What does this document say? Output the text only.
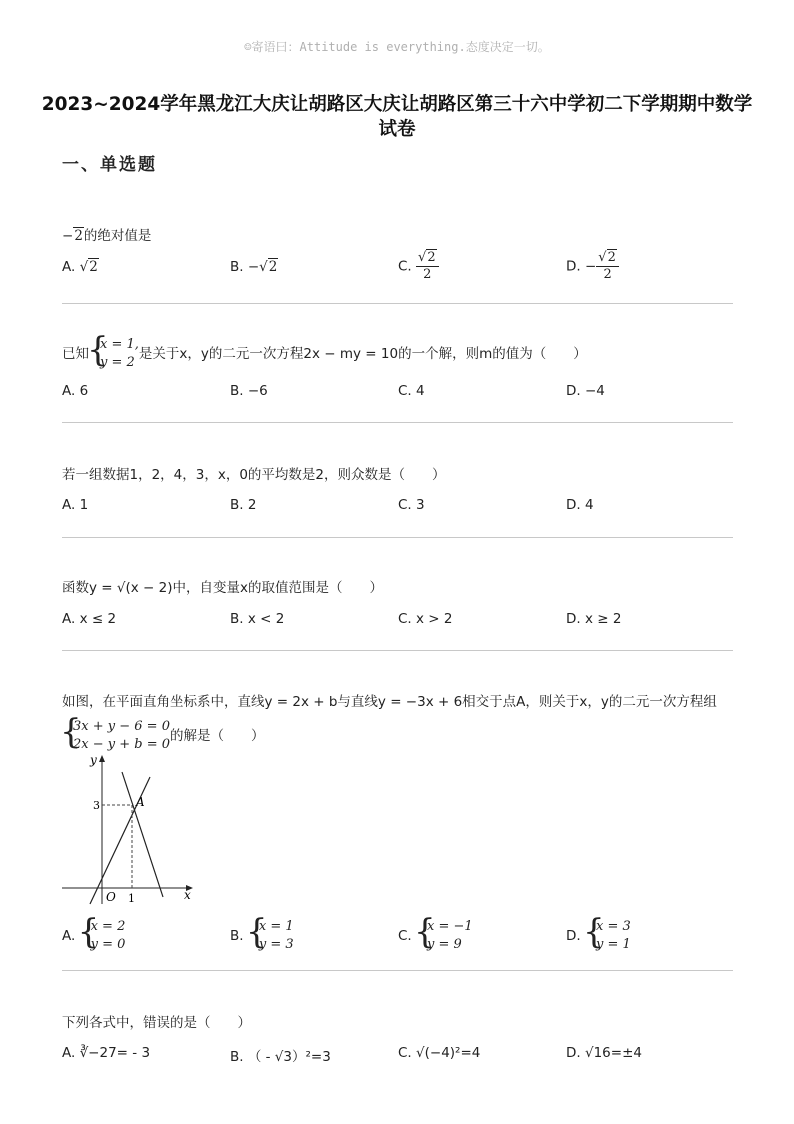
☺寄语曰：Attitude is everything.态度决定一切。
2023~2024学年黑龙江大庆让胡路区大庆让胡路区第三十六中学初二下学期期中数学试卷
一、单选题
−2的绝对值是
A. √2	B. −√2	C. $\frac{√2}{2}$	D. − $\frac{√2}{2}$
已知
{ x = 1,
y = 2
是关于x，y的二元一次方程2x − my = 10的一个解，则m的值为（　　）
A. 6	B. −6	C. 4	D. −4
若一组数据1，2，4，3，x，0的平均数是2，则众数是（　　）
A. 1	B. 2	C. 3	D. 4
函数y = √(x − 2)中，自变量x的取值范围是（　　）
A. x ≤ 2	B. x < 2	C. x > 2	D. x ≥ 2
如图，在平面直角坐标系中，直线y = 2x + b与直线y = −3x + 6相交于点A，则关于x，y的二元一次方程组
{ 3x + y − 6 = 0
2x − y + b = 0
的解是（　　）
y
x
O 1
3	A
A.
{ x = 2
y = 0
B.
{ x = 1
y = 3
C.
{ x = −1
y = 9
D.
{ x = 3
y = 1
下列各式中，错误的是（　　）
A. ∛−27= - 3	B. （ - √3）²=3	C. √(−4)²=4	D. √16=±4
